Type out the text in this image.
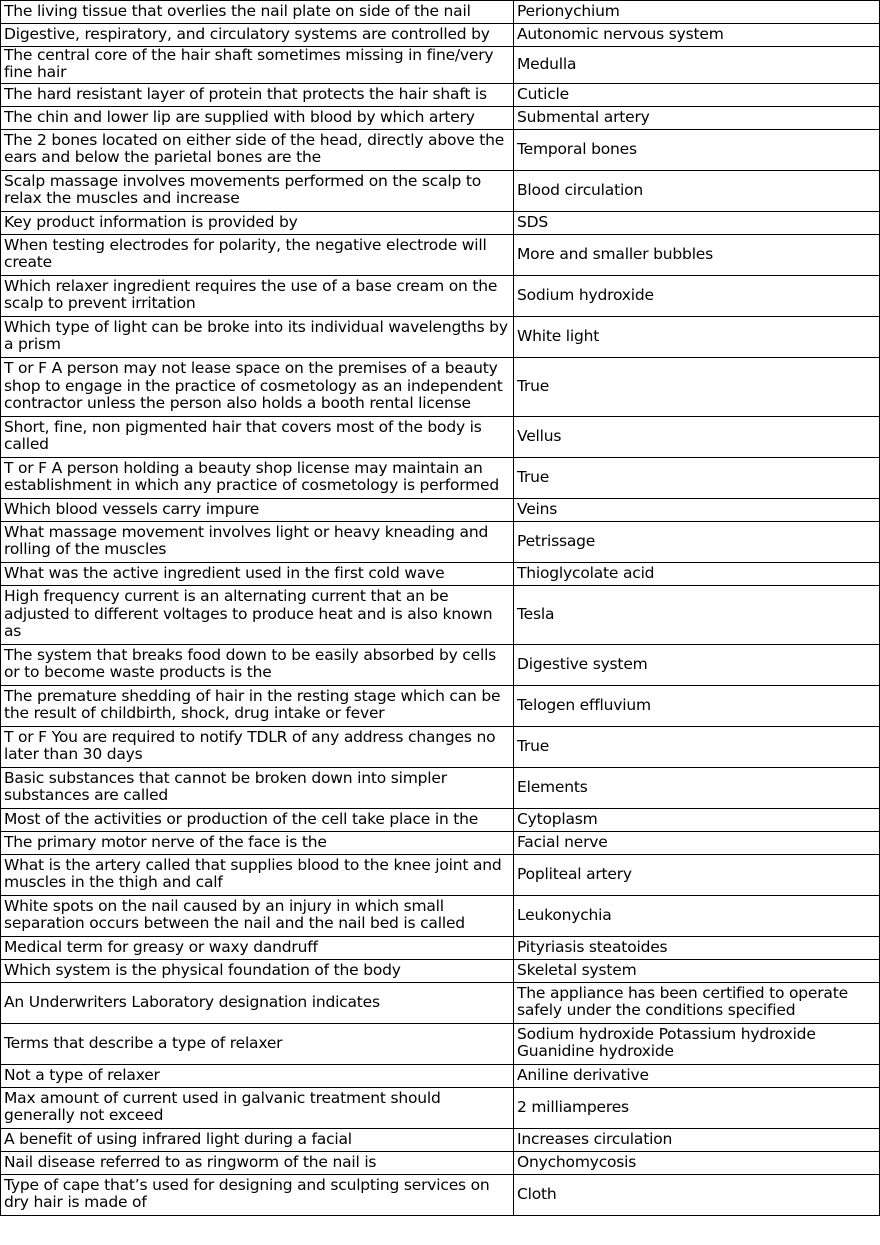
The living tissue that overlies the nail plate on side of the nail	Perionychium
Digestive, respiratory, and circulatory systems are controlled by	Autonomic nervous system
The central core of the hair shaft sometimes missing in fine/very fine hair	Medulla
The hard resistant layer of protein that protects the hair shaft is	Cuticle
The chin and lower lip are supplied with blood by which artery	Submental artery
The 2 bones located on either side of the head, directly above the ears and below the parietal bones are the	Temporal bones
Scalp massage involves movements performed on the scalp to relax the muscles and increase	Blood circulation
Key product information is provided by	SDS
When testing electrodes for polarity, the negative electrode will create	More and smaller bubbles
Which relaxer ingredient requires the use of a base cream on the scalp to prevent irritation	Sodium hydroxide
Which type of light can be broke into its individual wavelengths by a prism	White light
T or F A person may not lease space on the premises of a beauty shop to engage in the practice of cosmetology as an independent contractor unless the person also holds a booth rental license	True
Short, fine, non pigmented hair that covers most of the body is called	Vellus
T or F A person holding a beauty shop license may maintain an establishment in which any practice of cosmetology is performed	True
Which blood vessels carry impure	Veins
What massage movement involves light or heavy kneading and rolling of the muscles	Petrissage
What was the active ingredient used in the first cold wave	Thioglycolate acid
High frequency current is an alternating current that an be adjusted to different voltages to produce heat and is also known as	Tesla
The system that breaks food down to be easily absorbed by cells or to become waste products is the	Digestive system
The premature shedding of hair in the resting stage which can be the result of childbirth, shock, drug intake or fever	Telogen effluvium
T or F You are required to notify TDLR of any address changes no later than 30 days	True
Basic substances that cannot be broken down into simpler substances are called	Elements
Most of the activities or production of the cell take place in the	Cytoplasm
The primary motor nerve of the face is the	Facial nerve
What is the artery called that supplies blood to the knee joint and muscles in the thigh and calf	Popliteal artery
White spots on the nail caused by an injury in which small separation occurs between the nail and the nail bed is called	Leukonychia
Medical term for greasy or waxy dandruff	Pityriasis steatoides
Which system is the physical foundation of the body	Skeletal system
An Underwriters Laboratory designation indicates	The appliance has been certified to operate safely under the conditions specified
Terms that describe a type of relaxer	Sodium hydroxide Potassium hydroxide Guanidine hydroxide
Not a type of relaxer	Aniline derivative
Max amount of current used in galvanic treatment should generally not exceed	2 milliamperes
A benefit of using infrared light during a facial	Increases circulation
Nail disease referred to as ringworm of the nail is	Onychomycosis
Type of cape that’s used for designing and sculpting services on dry hair is made of	Cloth
